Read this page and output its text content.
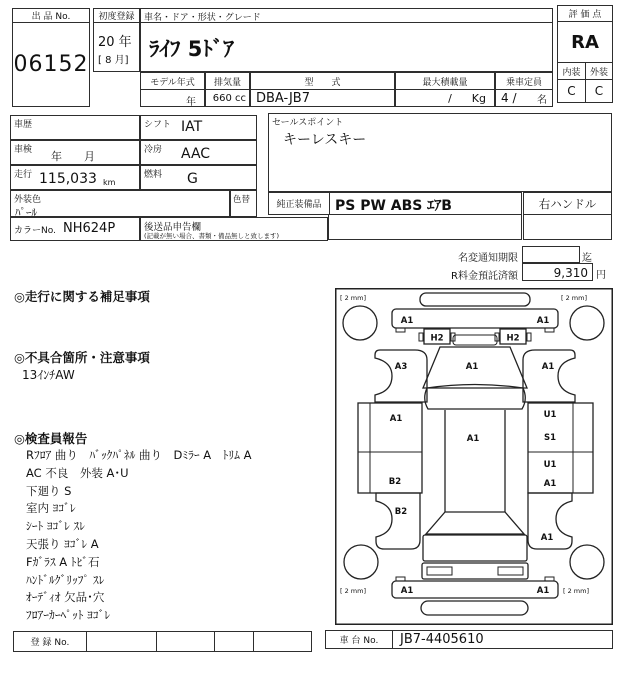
出 品 No.
06152
初度登録
20 年
[ 8 月]
車名・ドア・形状・グレード
ﾗｲﾌ 5ﾄﾞｱ
モデル年式 排気量	型　　式	最大積載量	乗車定員
年 660 cc DBA-JB7	/ Kg 4 / 名
評 価 点
RA
内装 外装
C C
車歴	シフト IAT
車検 年　　月	冷房 AAC
走行 115,033 km
燃料 G
外装色
ﾊﾟｰﾙ
色替
カラーNo. NH624P	後送品申告欄
(記載が無い場合、書類・備品無しと致します)
セールスポイント
キーレスキー
純正装備品 PS PW ABS ｴｱB	右ハンドル
名変通知期限	迄
R料金預託済額	9,310 円
◎走行に関する補足事項
◎不具合箇所・注意事項
13ｲﾝﾁAW
◎検査員報告
Rﾌﾛｱ 曲り　ﾊﾞｯｸﾊﾟﾈﾙ 曲り　Dﾐﾗｰ A　ﾄﾘﾑ A
AC 不良　外装 A･U
下廻り S
室内 ﾖｺﾞﾚ
ｼｰﾄ ﾖｺﾞﾚ ｽﾚ
天張り ﾖｺﾞﾚ A
Fｶﾞﾗｽ A ﾄﾋﾞ石
ﾊﾝﾄﾞﾙｸﾞﾘｯﾌﾟ ｽﾚ
ｵｰﾃﾞｨｵ 欠品･穴
ﾌﾛｱｰｶｰﾍﾟｯﾄ ﾖｺﾞﾚ
[ 2 mm]	[ 2 mm]
[ 2 mm]	[ 2 mm]
A1	A1
H2	H2
A1
A3	A1
A1
A1
B2
U1
S1
U1
A1
B2
A1
A1	A1
登 録 No.	車 台 No.	JB7-4405610
